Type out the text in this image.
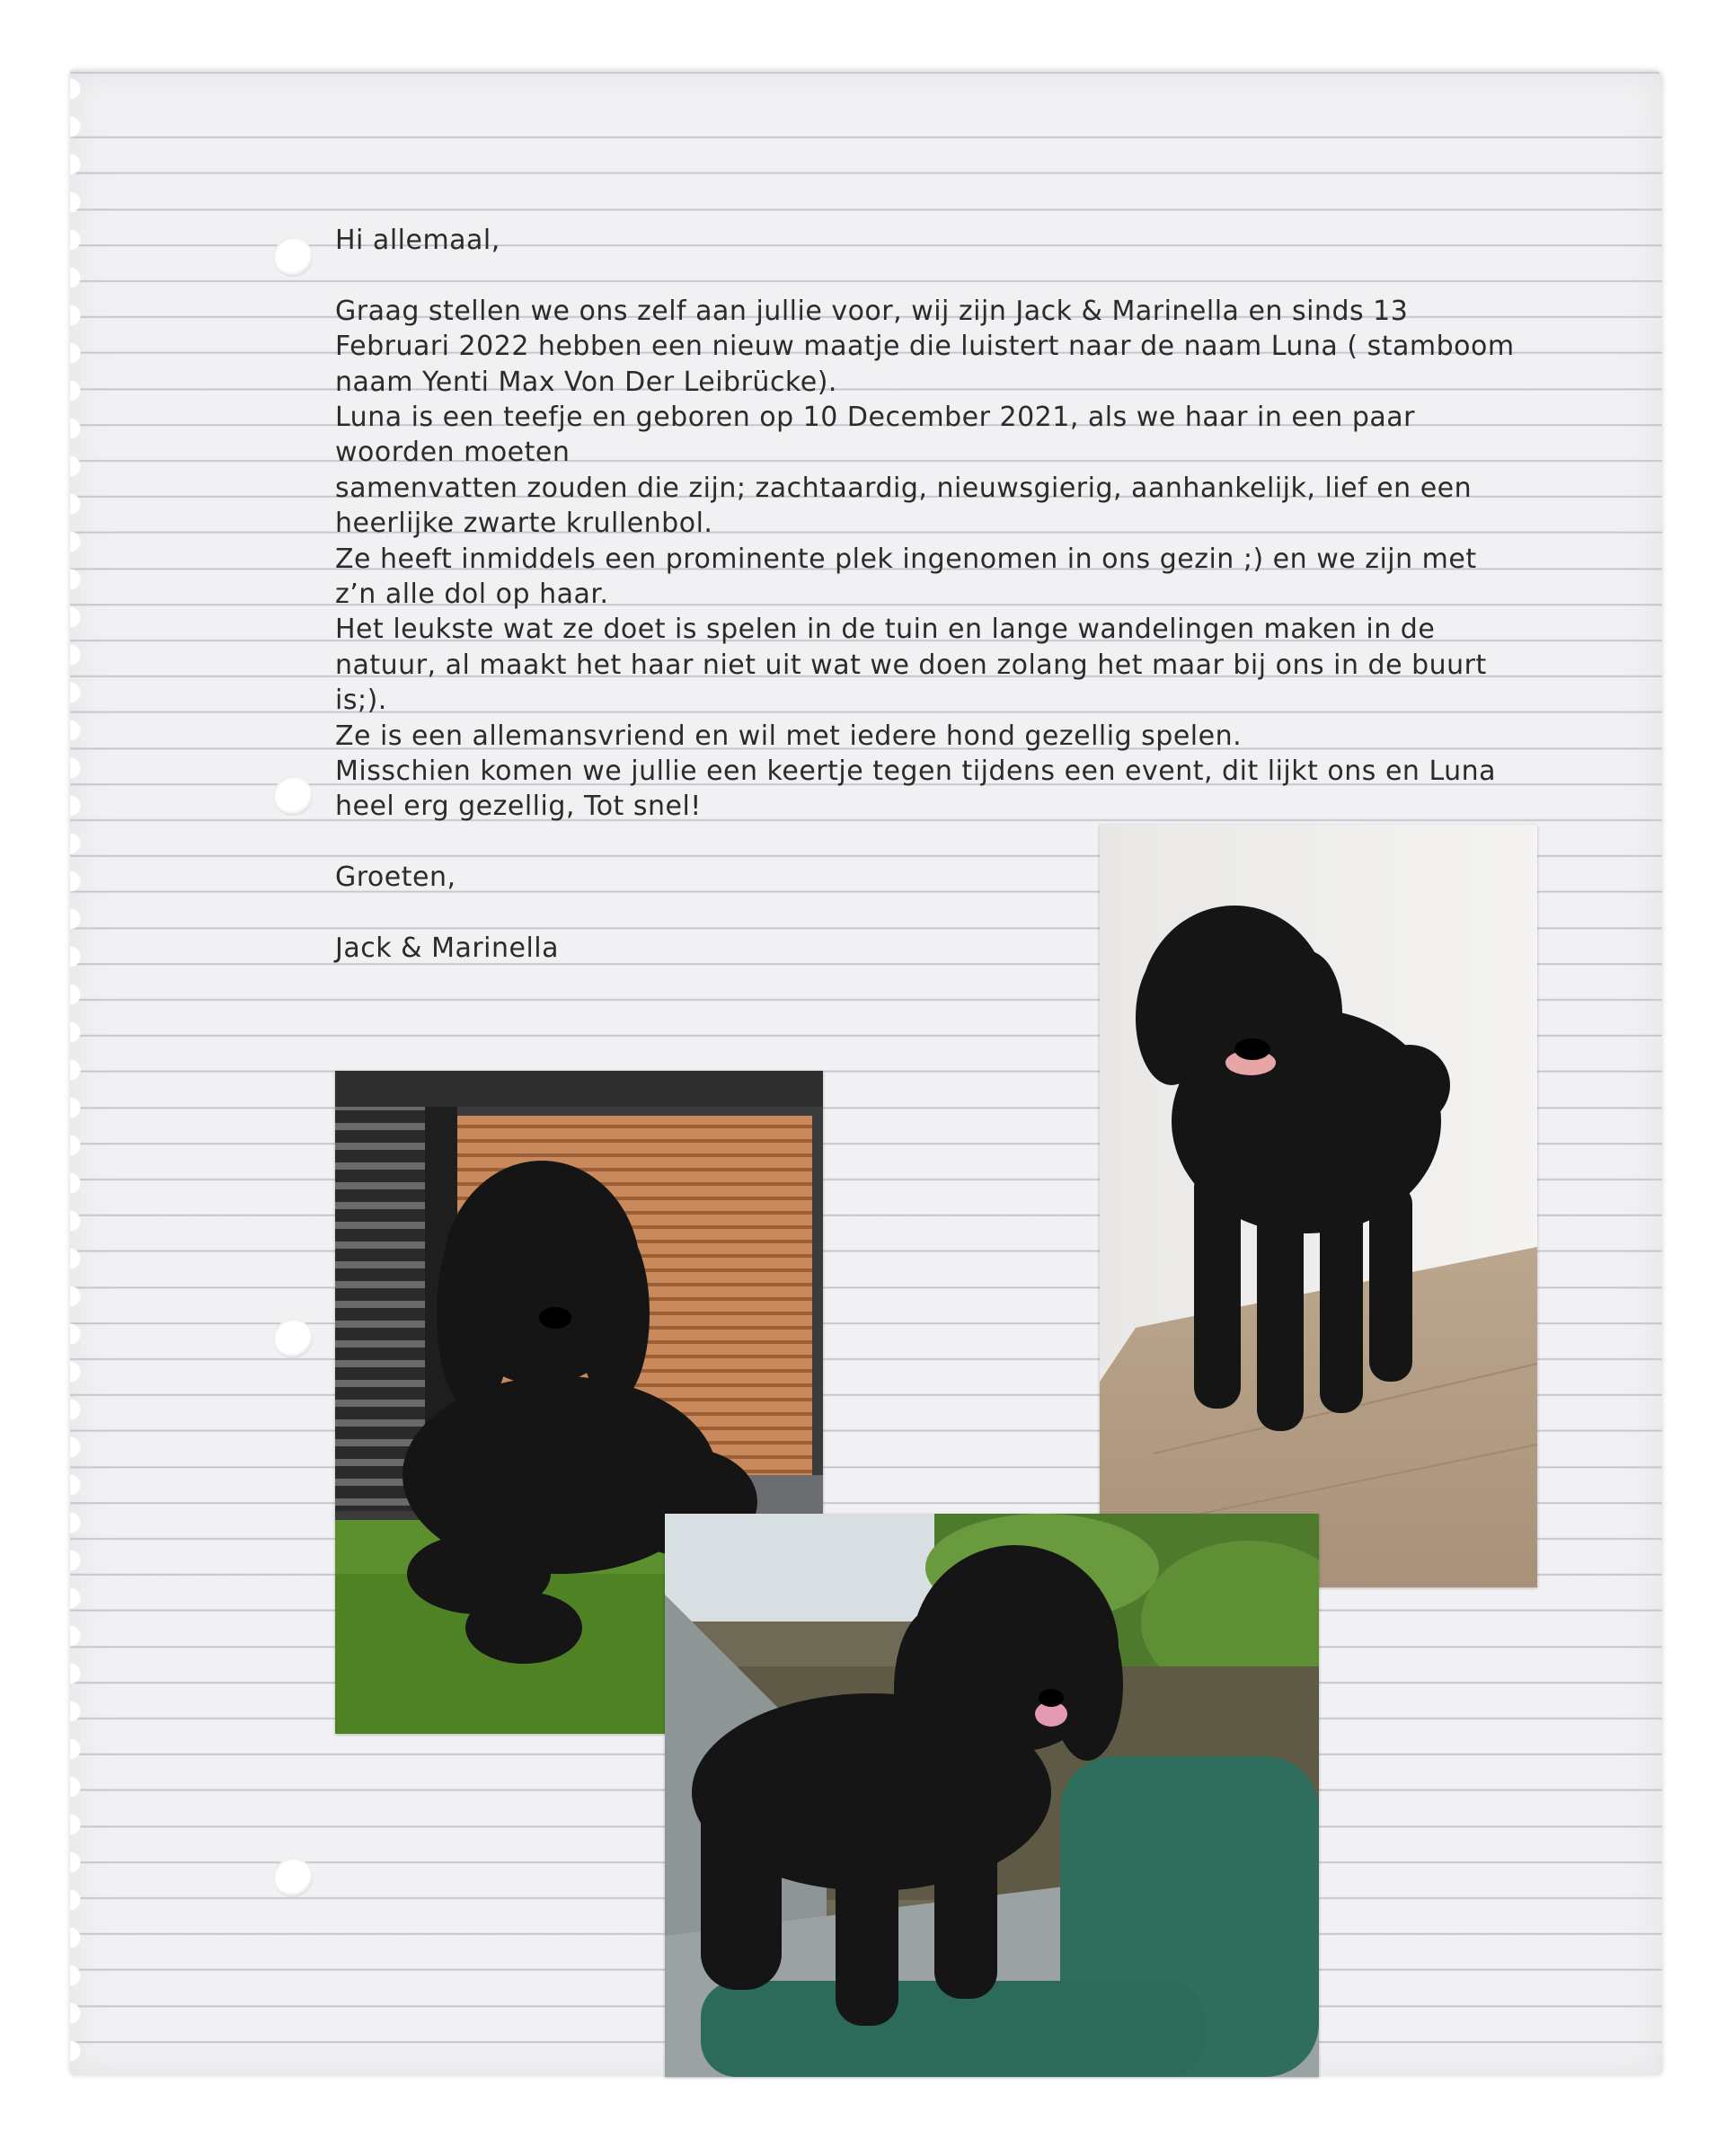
Hi allemaal,

Graag stellen we ons zelf aan jullie voor, wij zijn Jack & Marinella en sinds 13

Februari 2022 hebben een nieuw maatje die luistert naar de naam Luna ( stamboom

naam Yenti Max Von Der Leibrücke).

Luna is een teefje en geboren op 10 December 2021, als we haar in een paar

woorden moeten

samenvatten zouden die zijn; zachtaardig, nieuwsgierig, aanhankelijk, lief en een

heerlijke zwarte krullenbol.

Ze heeft inmiddels een prominente plek ingenomen in ons gezin ;) en we zijn met

z’n alle dol op haar.

Het leukste wat ze doet is spelen in de tuin en lange wandelingen maken in de

natuur, al maakt het haar niet uit wat we doen zolang het maar bij ons in de buurt

is;).

Ze is een allemansvriend en wil met iedere hond gezellig spelen.

Misschien komen we jullie een keertje tegen tijdens een event, dit lijkt ons en Luna

heel erg gezellig, Tot snel!

Groeten,

Jack & Marinella
